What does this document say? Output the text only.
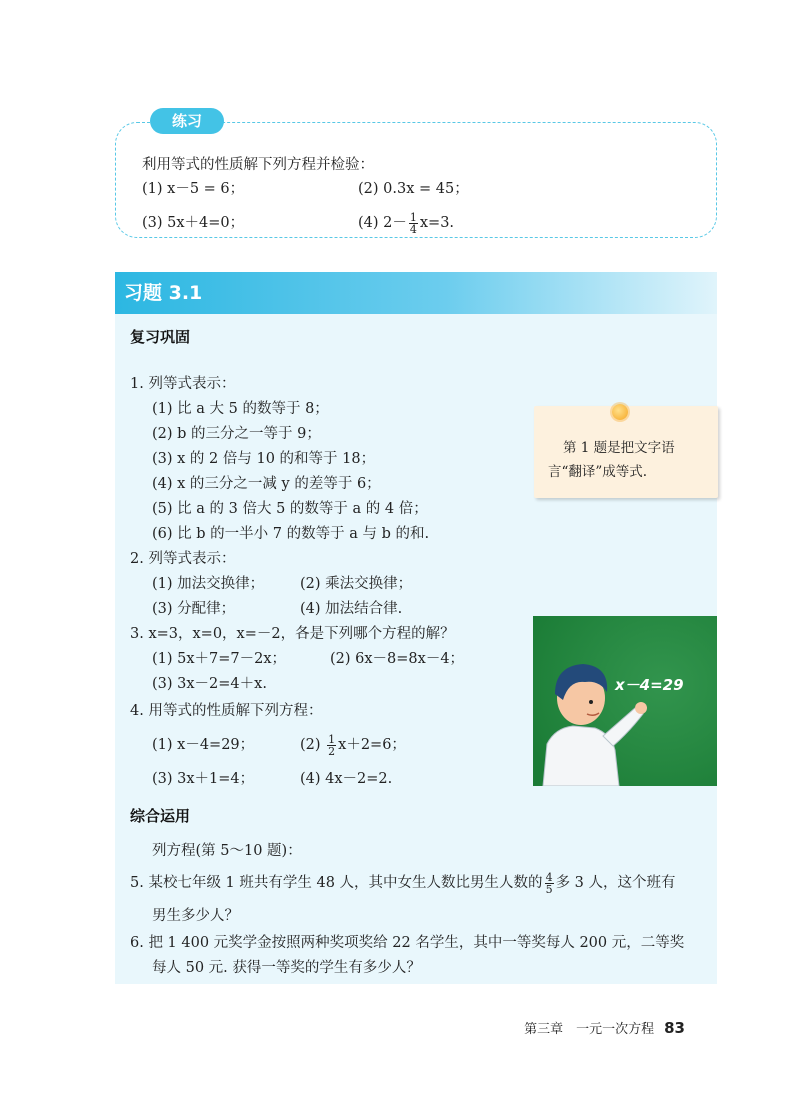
练习
利用等式的性质解下列方程并检验：
(1) x－5 = 6；	(2) 0.3x = 45；
(3) 5x＋4=0；	(4) $2- \frac{1}{4} x=3$.
习题 3.1
复习巩固
1. 列等式表示：
(1) 比 a 大 5 的数等于 8；
(2) b 的三分之一等于 9；
(3) x 的 2 倍与 10 的和等于 18；
(4) x 的三分之一减 y 的差等于 6；
(5) 比 a 的 3 倍大 5 的数等于 a 的 4 倍；
(6) 比 b 的一半小 7 的数等于 a 与 b 的和.
2. 列等式表示：
(1) 加法交换律； (2) 乘法交换律；
(3) 分配律；	(4) 加法结合律.
3. x=3，x=0，x=－2，各是下列哪个方程的解？
(1) 5x＋7=7－2x；	(2) 6x－8=8x－4；
(3) 3x－2=4＋x.
4. 用等式的性质解下列方程：
(1) x－4=29；	$(2) \frac{1}{2} x+2=6$；
(3) 3x＋1=4；	(4) 4x－2=2.
综合运用
列方程(第 5～10 题)：
5. 某校七年级 1 班共有学生 48 人，其中女生人数比男生人数的 $\frac{4}{5}$ 多 3 人，这个班有
男生多少人？
6. 把 1 400 元奖学金按照两种奖项奖给 22 名学生，其中一等奖每人 200 元，二等奖
每人 50 元. 获得一等奖的学生有多少人？
第 1 题是把文字语
言“翻译”成等式.
x－4=29
第三章　一元一次方程 83
